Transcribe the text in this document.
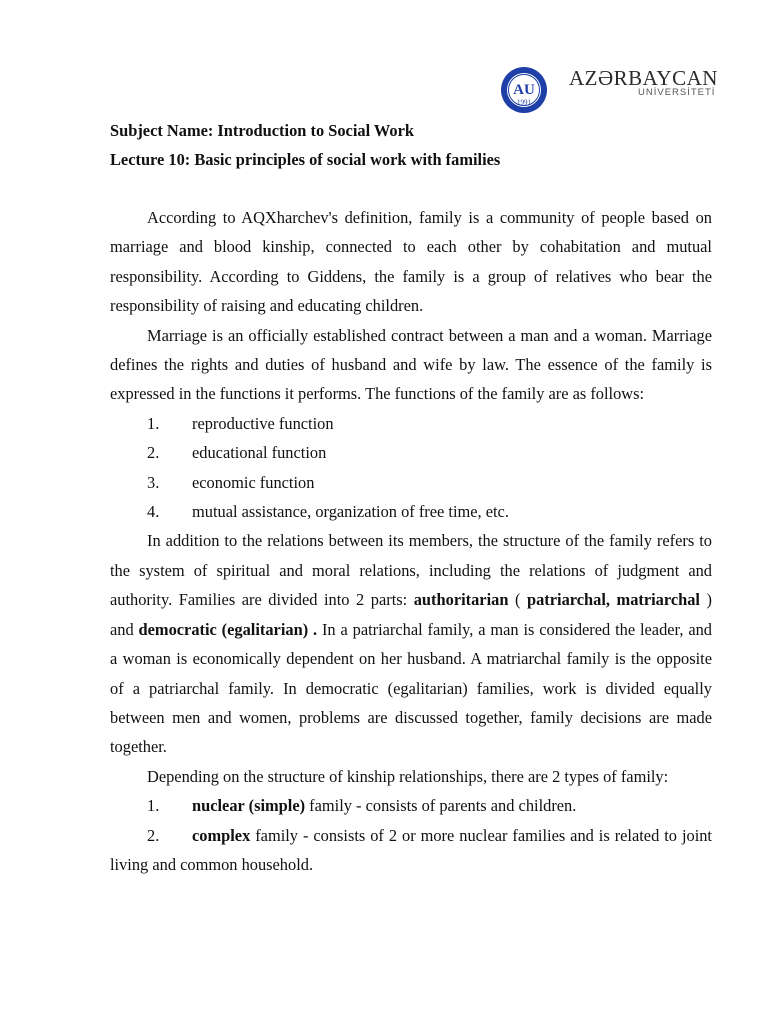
AU
1991
AZƏRBAYCAN
UNİVERSİTETİ

Subject Name: Introduction to Social Work

Lecture 10: Basic principles of social work with families

According to AQXharchev's definition, family is a community of people based on marriage and blood kinship, connected to each other by cohabitation and mutual responsibility. According to Giddens, the family is a group of relatives who bear the responsibility of raising and educating children.

Marriage is an officially established contract between a man and a woman. Marriage defines the rights and duties of husband and wife by law. The essence of the family is expressed in the functions it performs. The functions of the family are as follows:

1. reproductive function

2. educational function

3. economic function

4. mutual assistance, organization of free time, etc.

In addition to the relations between its members, the structure of the family refers to the system of spiritual and moral relations, including the relations of judgment and authority. Families are divided into 2 parts: authoritarian ( patriarchal, matriarchal ) and democratic (egalitarian) . In a patriarchal family, a man is considered the leader, and a woman is economically dependent on her husband. A matriarchal family is the opposite of a patriarchal family. In democratic (egalitarian) families, work is divided equally between men and women, problems are discussed together, family decisions are made together.

Depending on the structure of kinship relationships, there are 2 types of family:

1. nuclear (simple) family - consists of parents and children.

2. complex family - consists of 2 or more nuclear families and is related to joint living and common household.
